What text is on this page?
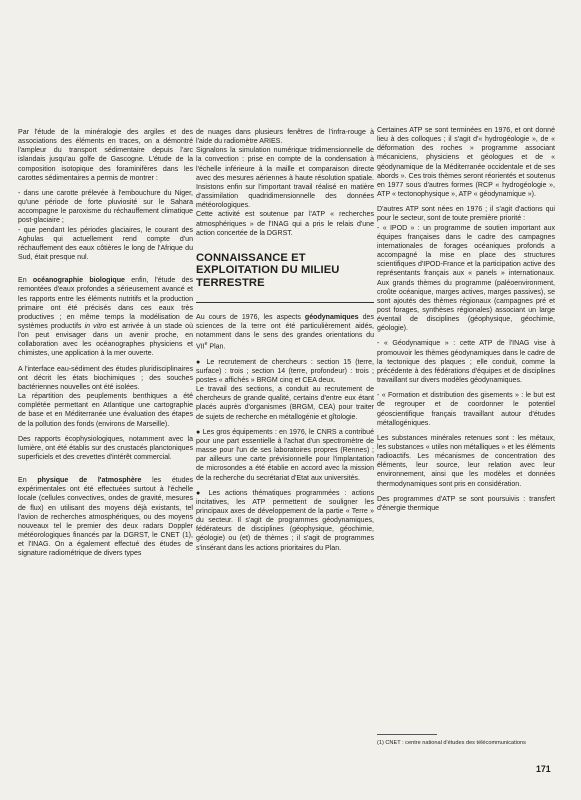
Par l'étude de la minéralogie des argiles et des associations des éléments en traces, on a démontré l'ampleur du transport sédimentaire depuis l'arc islandais jusqu'au golfe de Gascogne. L'étude de la composition isotopique des foraminifères dans les carottes sédimentaires a permis de montrer :

- dans une carotte prélevée à l'embouchure du Niger, qu'une période de forte pluviosité sur le Sahara accompagne le paroxisme du réchauffement climatique post-glaciaire ;

- que pendant les périodes glaciaires, le courant des Aghulas qui actuellement rend compte d'un réchauffement des eaux côtières le long de l'Afrique du Sud, était presque nul.

En océanographie biologique enfin, l'étude des remontées d'eaux profondes a sérieusement avancé et les rapports entre les éléments nutritifs et la production primaire ont été précisés dans ces eaux très productives ; en même temps la modélisation de systèmes productifs in vitro est arrivée à un stade où l'on peut envisager dans un avenir proche, en collaboration avec les océanographes physiciens et chimistes, une application à la mer ouverte.

A l'interface eau-sédiment des études pluridisciplinaires ont décrit les états biochimiques ; des souches bactériennes nouvelles ont été isolées.

La répartition des peuplements benthiques a été complétée permettant en Atlantique une cartographie de base et en Méditerranée une évaluation des étapes de la pollution des fonds (environs de Marseille).

Des rapports écophysiologiques, notamment avec la lumière, ont été établis sur des crustacés planctoniques superficiels et des crevettes d'intérêt commercial.

En physique de l'atmosphère les études expérimentales ont été effectuées surtout à l'échelle locale (cellules convectives, ondes de gravité, mesures de flux) en utilisant des moyens déjà existants, tel l'avion de recherches atmosphériques, ou des moyens nouveaux tel le premier des deux radars Doppler météorologiques financés par la DGRST, le CNET (1), et l'INAG. On a également effectué des études de signature radiométrique de divers types

de nuages dans plusieurs fenêtres de l'infra-rouge à l'aide du radiomètre ARIES.

Signalons la simulation numérique tridimensionnelle de la convection : prise en compte de la condensation à l'échelle inférieure à la maille et comparaison directe avec des mesures aériennes à haute résolution spatiale. Insistons enfin sur l'important travail réalisé en matière d'assimilation quadridimensionnelle des données météorologiques.

Cette activité est soutenue par l'ATP « recherches atmosphériques » de l'INAG qui a pris le relais d'une action concertée de la DGRST.

CONNAISSANCE ET EXPLOITATION DU MILIEU TERRESTRE

Au cours de 1976, les aspects géodynamiques des sciences de la terre ont été particulièrement aidés, notamment dans le sens des grandes orientations du VIIe Plan.

● Le recrutement de chercheurs : section 15 (terre, surface) : trois ; section 14 (terre, profondeur) : trois ; postes « affichés » BRGM cinq et CEA deux.

Le travail des sections, a conduit au recrutement de chercheurs de grande qualité, certains d'entre eux étant placés auprès d'organismes (BRGM, CEA) pour traiter de sujets de recherche en métallogénie et gîtologie.

● Les gros équipements : en 1976, le CNRS a contribué pour une part essentielle à l'achat d'un spectromètre de masse pour l'un de ses laboratoires propres (Rennes) ; par ailleurs une carte prévisionnelle pour l'implantation de microsondes a été établie en accord avec la mission de la recherche du secrétariat d'Etat aux universités.

● Les actions thématiques programmées : actions incitatives, les ATP permettent de souligner les principaux axes de développement de la partie « Terre » du secteur. Il s'agit de programmes géodynamiques, fédérateurs de disciplines (géophysique, géochimie, géologie) ou (et) de thèmes ; il s'agit de programmes s'insérant dans les actions prioritaires du Plan.

Certaines ATP se sont terminées en 1976, et ont donné lieu à des colloques ; il s'agit d'« hydrogéologie », de « déformation des roches » programme associant mécaniciens, physiciens et géologues et de « géodynamique de la Méditerranée occidentale et de ses abords ». Ces trois thèmes seront réorientés et soutenus en 1977 sous d'autres formes (RCP « hydrogéologie », ATP « tectonophysique », ATP « géodynamique »).

D'autres ATP sont nées en 1976 ; il s'agit d'actions qui pour le secteur, sont de toute première priorité :

- « IPOD » : un programme de soutien important aux équipes françaises dans le cadre des campagnes internationales de forages océaniques profonds a accompagné la mise en place des structures scientifiques d'IPOD-France et la participation active des représentants français aux « panels » internationaux. Aux grands thèmes du programme (paléoenvironment, croûte océanique, marges actives, marges passives), se sont ajoutés des thèmes régionaux (campagnes pré et post forages, synthèses régionales) associant un large éventail de disciplines (géophysique, géochimie, géologie).

- « Géodynamique » : cette ATP de l'INAG vise à promouvoir les thèmes géodynamiques dans le cadre de la tectonique des plaques ; elle conduit, comme la précédente à des fédérations d'équipes et de disciplines travaillant sur divers modèles géodynamiques.

- « Formation et distribution des gisements » : le but est de regrouper et de coordonner le potentiel géoscientifique français travaillant autour d'études métallogéniques.

Les substances minérales retenues sont : les métaux, les substances « utiles non métalliques » et les éléments radioactifs. Les mécanismes de concentration des éléments, leur source, leur relation avec leur environnement, ainsi que les modèles et données thermodynamiques sont pris en considération.

Des programmes d'ATP se sont poursuivis : transfert d'énergie thermique

(1) CNET : centre national d'études des télécommunications
171
